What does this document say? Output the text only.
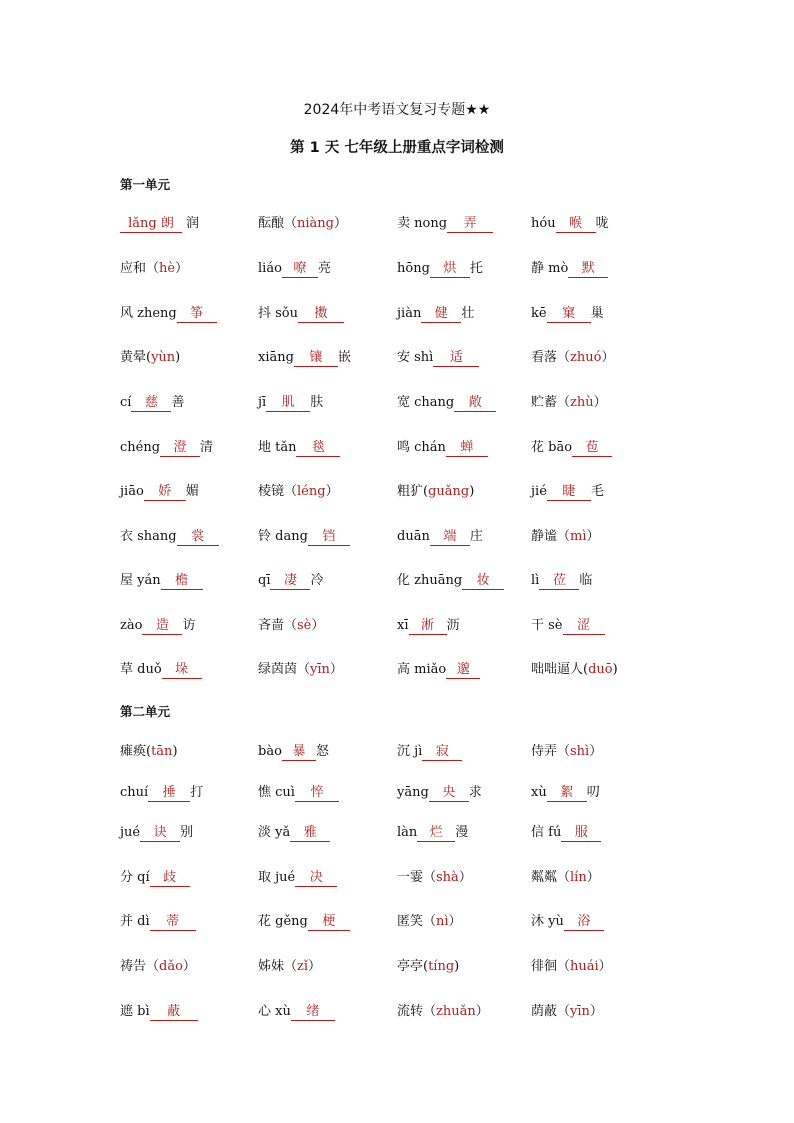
2024年中考语文复习专题★★
第 1 天 七年级上册重点字词检测
第一单元
lǎng 朗 润	酝酿（niàng）	卖 nong 弄	hóu 喉 咙
应和（hè）	liáo 嘹 亮	hōng 烘 托	静 mò 默
风 zheng 筝	抖 sǒu 擞	jiàn 健 壮	kē 窠 巢
黄晕(yùn)	xiāng 镶 嵌	安 shì 适	看落（zhuó）
cí 慈 善	jī 肌 肤	宽 chang 敞	贮蓄（zhù）
chéng 澄 清	地 tǎn 毯	鸣 chán 蝉	花 bāo 苞
jiāo 娇 媚	棱镜（léng）	粗犷(guǎng)	jié 睫 毛
衣 shang 裳	铃 dang 铛	duān 端 庄	静谧（mì）
屋 yán 檐	qī 凄 冷	化 zhuāng 妆	lì 莅 临
zào 造 访	吝啬（sè）	xī 淅 沥	干 sè 涩
草 duǒ 垛	绿茵茵（yīn）	高 miǎo 邈	咄咄逼人(duō)
第二单元
瘫痪(tān)	bào 暴 怒	沉 jì 寂	侍弄（shì）
chuí 捶 打	憔 cuì 悴	yāng 央 求	xù 絮 叨
jué 诀 别	淡 yǎ 雅	làn 烂 漫	信 fú 服
分 qí 歧	取 jué 决	一霎（shà）	粼粼（lín）
并 dì 蒂	花 gěng 梗	匿笑（nì）	沐 yù 浴
祷告（dǎo）	姊妹（zǐ）	亭亭(tíng)	徘徊（huái）
遮 bì 蔽	心 xù 绪	流转（zhuǎn）	荫蔽（yīn）
